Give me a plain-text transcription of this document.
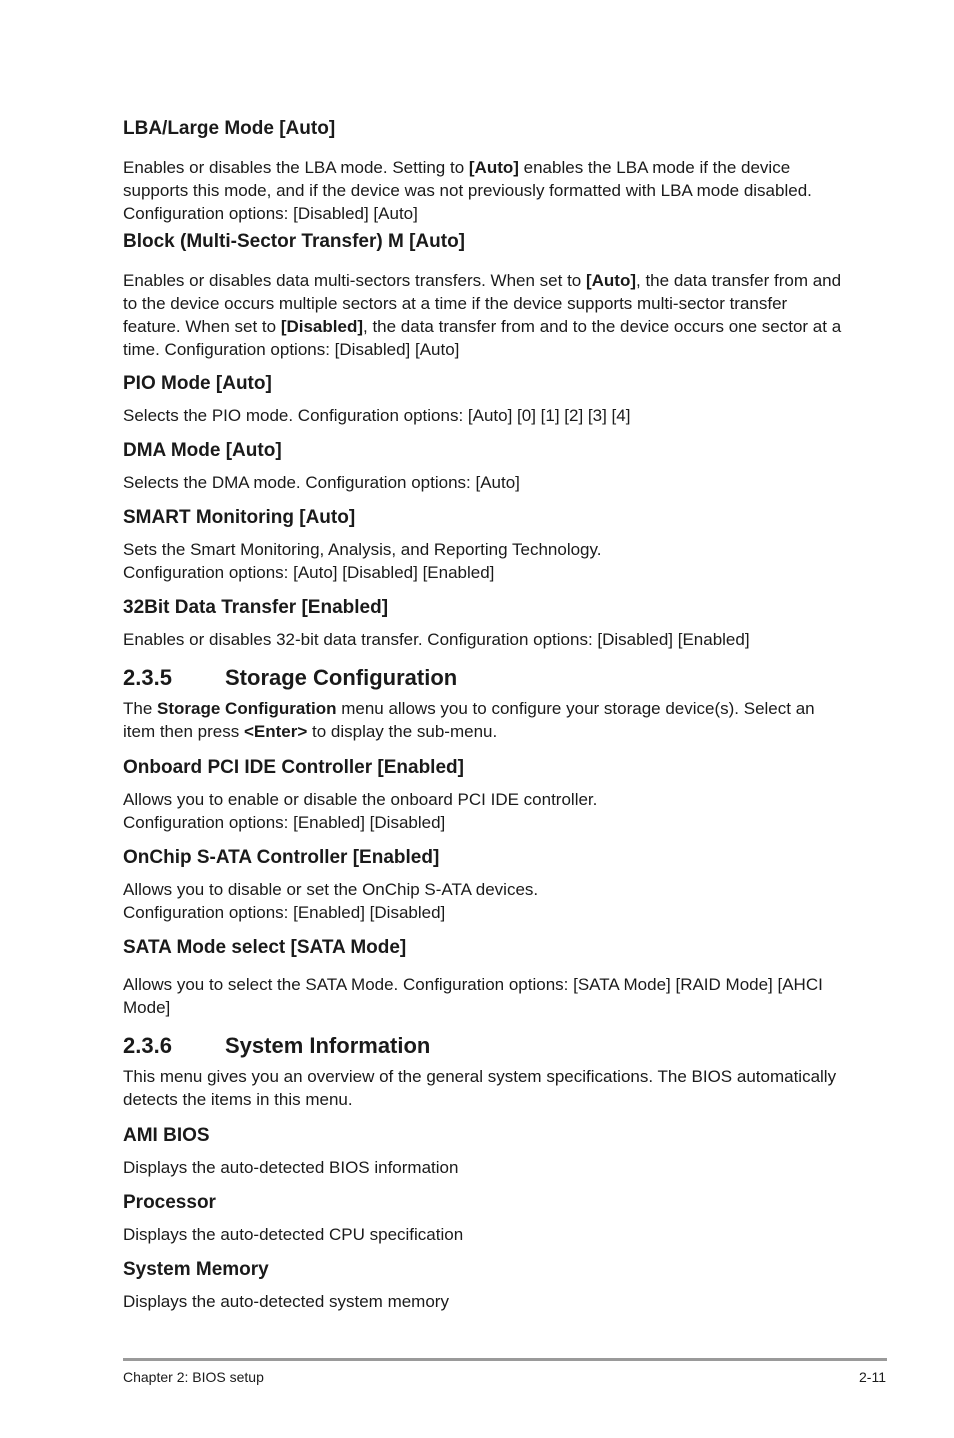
LBA/Large Mode [Auto]

Enables or disables the LBA mode. Setting to [Auto] enables the LBA mode if the device supports this mode, and if the device was not previously formatted with LBA mode disabled. Configuration options: [Disabled] [Auto]

Block (Multi-Sector Transfer) M [Auto]

Enables or disables data multi-sectors transfers. When set to [Auto], the data transfer from and to the device occurs multiple sectors at a time if the device supports multi-sector transfer feature. When set to [Disabled], the data transfer from and to the device occurs one sector at a time. Configuration options: [Disabled] [Auto]

PIO Mode [Auto]

Selects the PIO mode. Configuration options: [Auto] [0] [1] [2] [3] [4]

DMA Mode [Auto]

Selects the DMA mode. Configuration options: [Auto]

SMART Monitoring [Auto]

Sets the Smart Monitoring, Analysis, and Reporting Technology.
Configuration options: [Auto] [Disabled] [Enabled]

32Bit Data Transfer [Enabled]

Enables or disables 32-bit data transfer. Configuration options: [Disabled] [Enabled]

2.3.5	Storage Configuration

The Storage Configuration menu allows you to configure your storage device(s). Select an item then press <Enter> to display the sub-menu.

Onboard PCI IDE Controller [Enabled]

Allows you to enable or disable the onboard PCI IDE controller.
Configuration options: [Enabled] [Disabled]

OnChip S-ATA Controller [Enabled]

Allows you to disable or set the OnChip S-ATA devices.
Configuration options: [Enabled] [Disabled]

SATA Mode select [SATA Mode]

Allows you to select the SATA Mode. Configuration options: [SATA Mode] [RAID Mode] [AHCI Mode]

2.3.6	System Information

This menu gives you an overview of the general system specifications. The BIOS automatically detects the items in this menu.

AMI BIOS

Displays the auto-detected BIOS information

Processor

Displays the auto-detected CPU specification

System Memory

Displays the auto-detected system memory

Chapter 2: BIOS setup	2-11
